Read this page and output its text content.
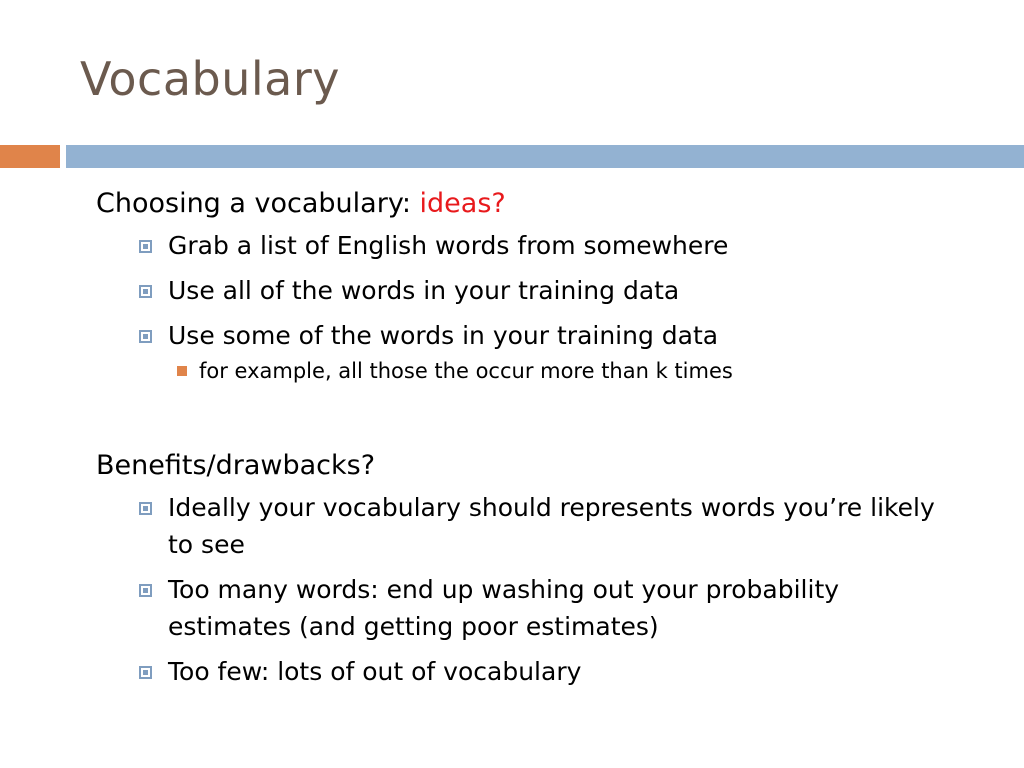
Vocabulary

Choosing a vocabulary: ideas?

Grab a list of English words from somewhere
Use all of the words in your training data
Use some of the words in your training data
for example, all those the occur more than k times

Benefits/drawbacks?

Ideally your vocabulary should represents words you’re likely to see
Too many words: end up washing out your probability estimates (and getting poor estimates)
Too few: lots of out of vocabulary
